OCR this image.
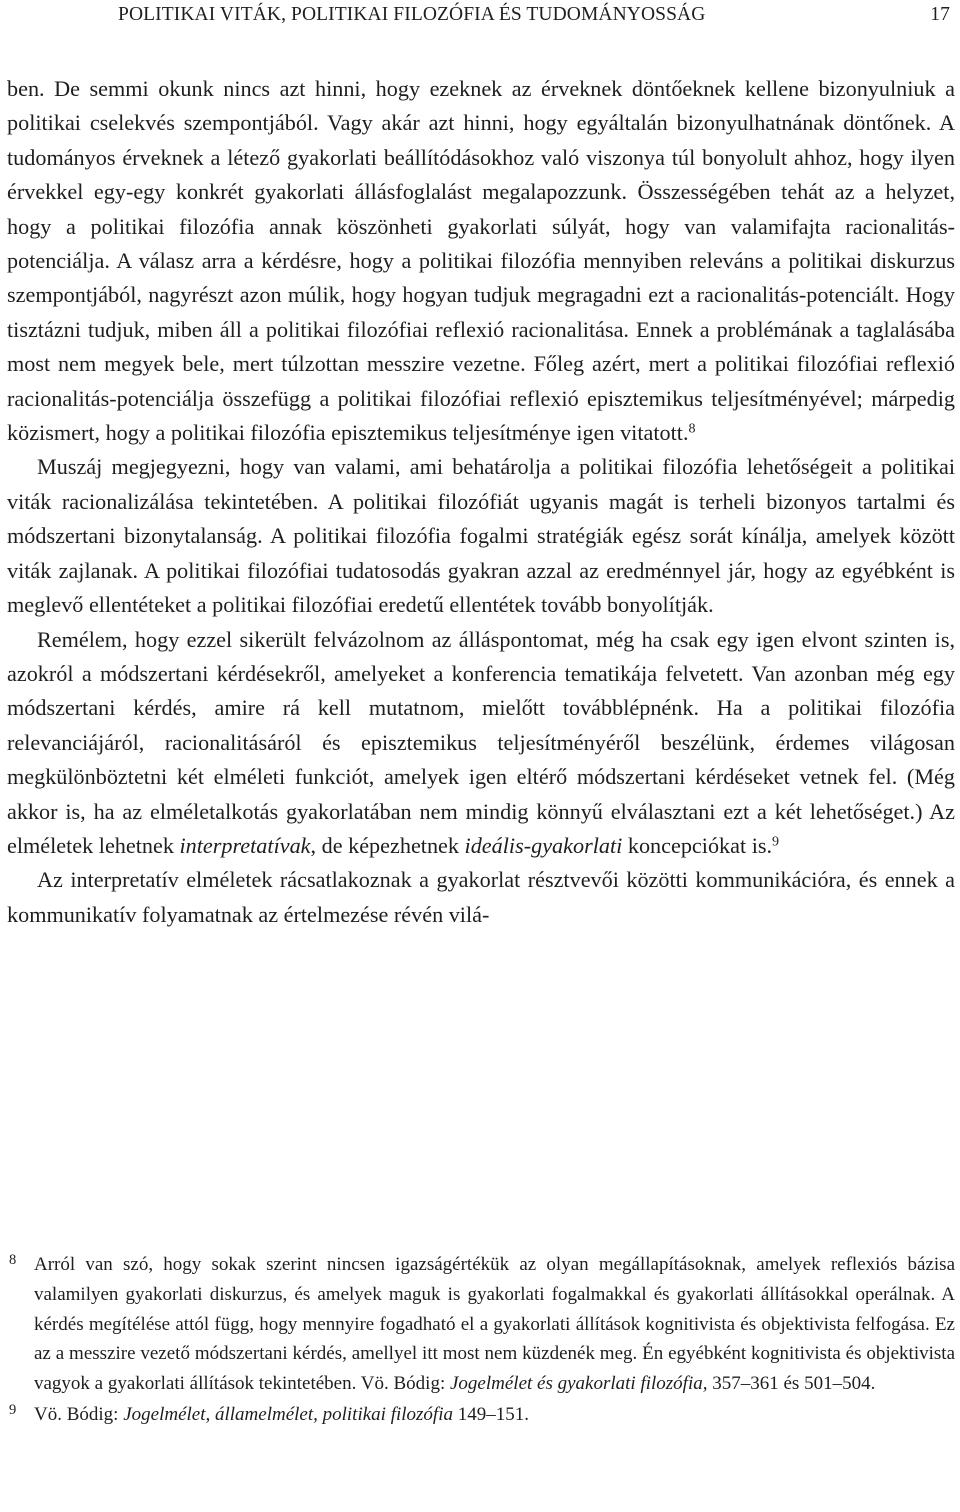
POLITIKAI VITÁK, POLITIKAI FILOZÓFIA ÉS TUDOMÁNYOSSÁG	17

ben. De semmi okunk nincs azt hinni, hogy ezeknek az érveknek döntőeknek kellene bizonyulniuk a politikai cselekvés szempontjából. Vagy akár azt hinni, hogy egyáltalán bizonyulhatnának döntőnek. A tudományos érveknek a létező gyakorlati beállítódásokhoz való viszonya túl bonyolult ahhoz, hogy ilyen érvekkel egy-egy konkrét gyakorlati állásfoglalást megalapozzunk. Összességében tehát az a helyzet, hogy a politikai filozófia annak köszönheti gyakorlati súlyát, hogy van valamifajta racionalitás-potenciálja. A válasz arra a kérdésre, hogy a politikai filozófia mennyiben releváns a politikai diskurzus szempontjából, nagyrészt azon múlik, hogy hogyan tudjuk megragadni ezt a racionalitás-potenciált. Hogy tisztázni tudjuk, miben áll a politikai filozófiai reflexió racionalitása. Ennek a problémának a taglalásába most nem megyek bele, mert túlzottan messzire vezetne. Főleg azért, mert a politikai filozófiai reflexió racionalitás-potenciálja összefügg a politikai filozófiai reflexió episztemikus teljesítményével; márpedig közismert, hogy a politikai filozófia episztemikus teljesítménye igen vitatott.$^8$

Muszáj megjegyezni, hogy van valami, ami behatárolja a politikai filozófia lehetőségeit a politikai viták racionalizálása tekintetében. A politikai filozófiát ugyanis magát is terheli bizonyos tartalmi és módszertani bizonytalanság. A politikai filozófia fogalmi stratégiák egész sorát kínálja, amelyek között viták zajlanak. A politikai filozófiai tudatosodás gyakran azzal az eredménnyel jár, hogy az egyébként is meglevő ellentéteket a politikai filozófiai eredetű ellentétek tovább bonyolítják.

Remélem, hogy ezzel sikerült felvázolnom az álláspontomat, még ha csak egy igen elvont szinten is, azokról a módszertani kérdésekről, amelyeket a konferencia tematikája felvetett. Van azonban még egy módszertani kérdés, amire rá kell mutatnom, mielőtt továbblépnénk. Ha a politikai filozófia relevanciájáról, racionalitásáról és episztemikus teljesítményéről beszélünk, érdemes világosan megkülönböztetni két elméleti funkciót, amelyek igen eltérő módszertani kérdéseket vetnek fel. (Még akkor is, ha az elméletalkotás gyakorlatában nem mindig könnyű elválasztani ezt a két lehetőséget.) Az elméletek lehetnek interpretatívak, de képezhetnek ideális-gyakorlati koncepciókat is.$^9$

Az interpretatív elméletek rácsatlakoznak a gyakorlat résztvevői közötti kommunikációra, és ennek a kommunikatív folyamatnak az értelmezése révén vilá-

8 Arról van szó, hogy sokak szerint nincsen igazságértékük az olyan megállapításoknak, amelyek reflexiós bázisa valamilyen gyakorlati diskurzus, és amelyek maguk is gyakorlati fogalmakkal és gyakorlati állításokkal operálnak. A kérdés megítélése attól függ, hogy mennyire fogadható el a gyakorlati állítások kognitivista és objektivista felfogása. Ez az a messzire vezető módszertani kérdés, amellyel itt most nem küzdenék meg. Én egyébként kognitivista és objektivista vagyok a gyakorlati állítások tekintetében. Vö. Bódig: Jogelmélet és gyakorlati filozófia, 357–361 és 501–504.

9 Vö. Bódig: Jogelmélet, államelmélet, politikai filozófia 149–151.
